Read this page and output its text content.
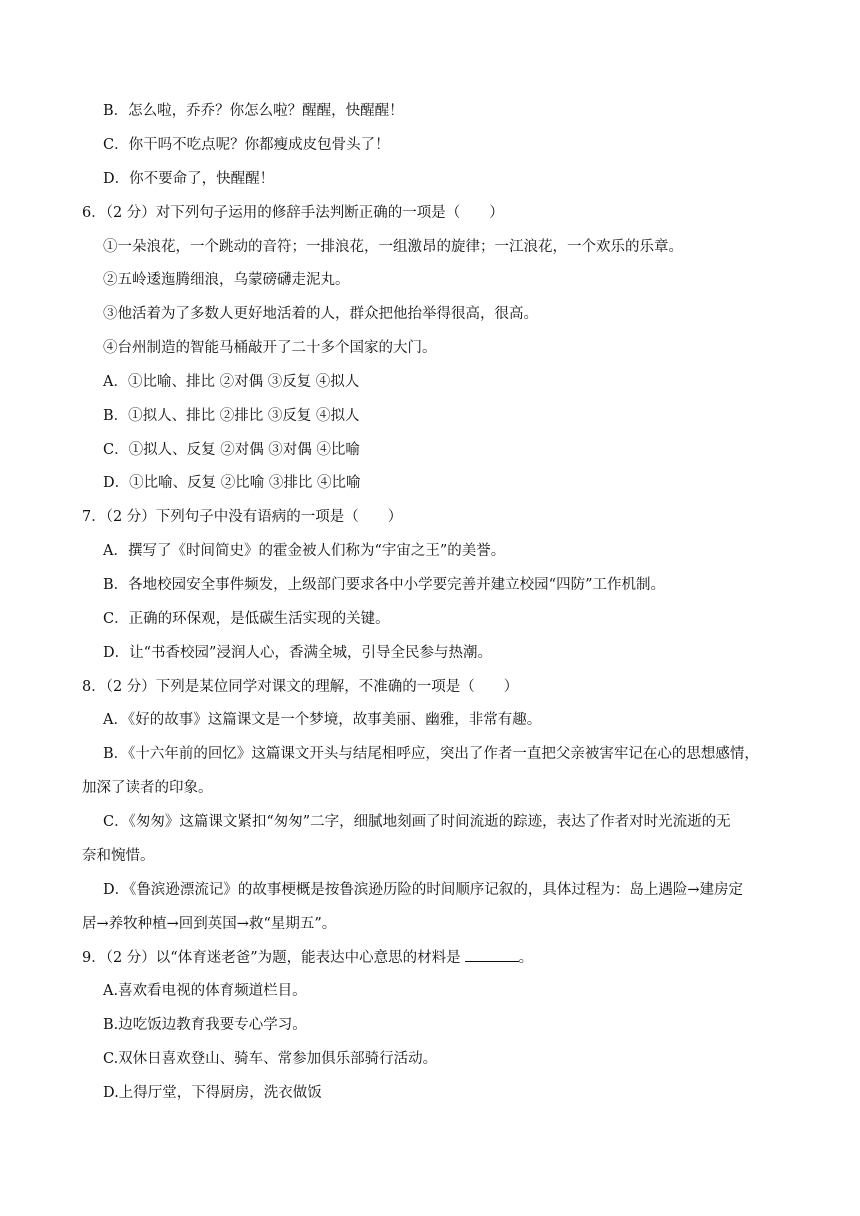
B．怎么啦，乔乔？你怎么啦？醒醒，快醒醒！
C．你干吗不吃点呢？你都瘦成皮包骨头了！
D．你不要命了，快醒醒！
6．（2 分）对下列句子运用的修辞手法判断正确的一项是（　　）
①一朵浪花，一个跳动的音符；一排浪花，一组激昂的旋律；一江浪花，一个欢乐的乐章。
②五岭逶迤腾细浪，乌蒙磅礴走泥丸。
③他活着为了多数人更好地活着的人，群众把他抬举得很高，很高。
④台州制造的智能马桶敲开了二十多个国家的大门。
A．①比喻、排比 ②对偶 ③反复 ④拟人
B．①拟人、排比 ②排比 ③反复 ④拟人
C．①拟人、反复 ②对偶 ③对偶 ④比喻
D．①比喻、反复 ②比喻 ③排比 ④比喻
7．（2 分）下列句子中没有语病的一项是（　　）
A．撰写了《时间简史》的霍金被人们称为“宇宙之王”的美誉。
B．各地校园安全事件频发，上级部门要求各中小学要完善并建立校园“四防”工作机制。
C．正确的环保观，是低碳生活实现的关键。
D．让“书香校园”浸润人心，香满全城，引导全民参与热潮。
8．（2 分）下列是某位同学对课文的理解，不准确的一项是（　　）
A．《好的故事》这篇课文是一个梦境，故事美丽、幽雅，非常有趣。
B．《十六年前的回忆》这篇课文开头与结尾相呼应，突出了作者一直把父亲被害牢记在心的思想感情，
加深了读者的印象。
C．《匆匆》这篇课文紧扣“匆匆”二字，细腻地刻画了时间流逝的踪迹，表达了作者对时光流逝的无
奈和惋惜。
D．《鲁滨逊漂流记》的故事梗概是按鲁滨逊历险的时间顺序记叙的，具体过程为：岛上遇险→建房定
居→养牧种植→回到英国→救“星期五”。
9．（2 分）以“体育迷老爸”为题，能表达中心意思的材料是	。
A.喜欢看电视的体育频道栏目。
B.边吃饭边教育我要专心学习。
C.双休日喜欢登山、骑车、常参加俱乐部骑行活动。
D.上得厅堂，下得厨房，洗衣做饭
